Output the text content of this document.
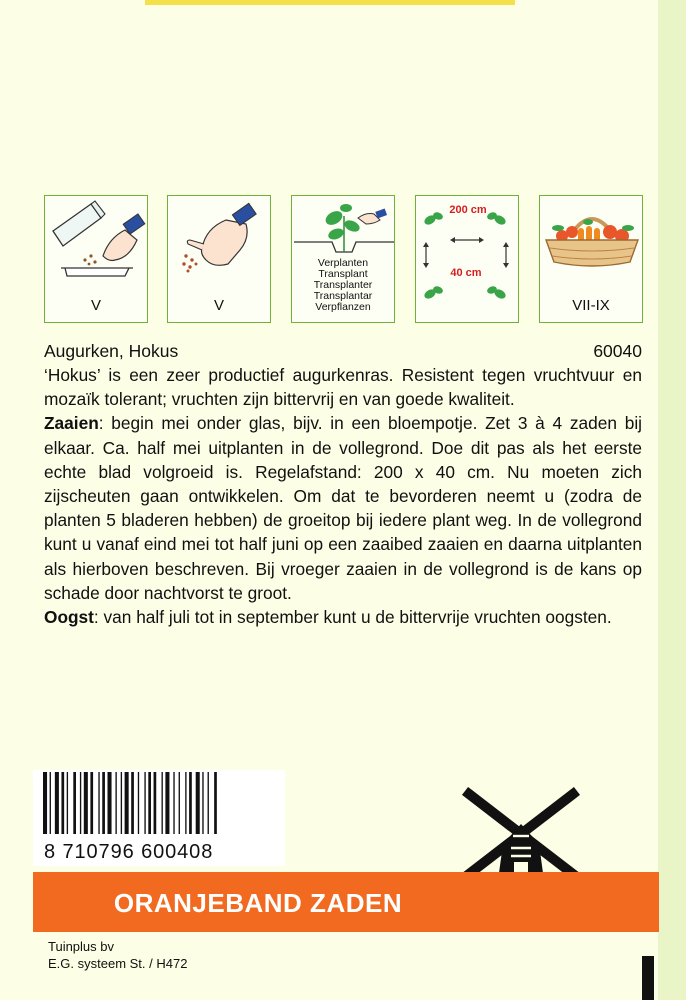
V	V
Verplanten
Transplant
Transplanter
Transplantar
Verpflanzen
200 cm
40 cm
VII-IX
Augurken, Hokus	60040

‘Hokus’ is een zeer productief augurkenras. Resistent tegen vruchtvuur en mozaïk tolerant; vruchten zijn bittervrij en van goede kwaliteit.

Zaaien: begin mei onder glas, bijv. in een bloempotje. Zet 3 à 4 zaden bij elkaar. Ca. half mei uitplanten in de vollegrond. Doe dit pas als het eerste echte blad volgroeid is. Regelafstand: 200 x 40 cm. Nu moeten zich zijscheuten gaan ontwikkelen. Om dat te bevorderen neemt u (zodra de planten 5 bladeren hebben) de groeitop bij iedere plant weg. In de vollegrond kunt u vanaf eind mei tot half juni op een zaaibed zaaien en daarna uitplanten als hierboven beschreven. Bij vroeger zaaien in de vollegrond is de kans op schade door nachtvorst te groot.

Oogst: van half juli tot in september kunt u de bittervrije vruchten oogsten.

8 710796 600408
ORANJEBAND ZADEN
Tuinplus bv
E.G. systeem St. / H472
